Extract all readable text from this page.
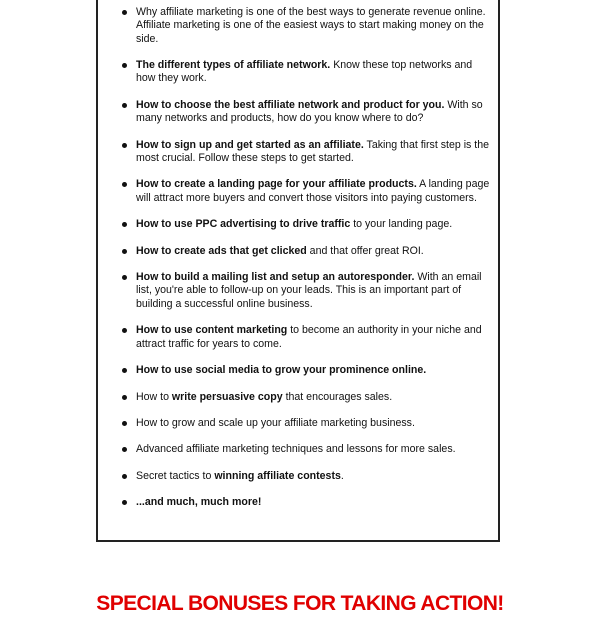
Why affiliate marketing is one of the best ways to generate revenue online. Affiliate marketing is one of the easiest ways to start making money on the side.
The different types of affiliate network. Know these top networks and how they work.
How to choose the best affiliate network and product for you. With so many networks and products, how do you know where to do?
How to sign up and get started as an affiliate. Taking that first step is the most crucial. Follow these steps to get started.
How to create a landing page for your affiliate products. A landing page will attract more buyers and convert those visitors into paying customers.
How to use PPC advertising to drive traffic to your landing page.
How to create ads that get clicked and that offer great ROI.
How to build a mailing list and setup an autoresponder. With an email list, you're able to follow-up on your leads. This is an important part of building a successful online business.
How to use content marketing to become an authority in your niche and attract traffic for years to come.
How to use social media to grow your prominence online.
How to write persuasive copy that encourages sales.
How to grow and scale up your affiliate marketing business.
Advanced affiliate marketing techniques and lessons for more sales.
Secret tactics to winning affiliate contests.
...and much, much more!
SPECIAL BONUSES FOR TAKING ACTION!
